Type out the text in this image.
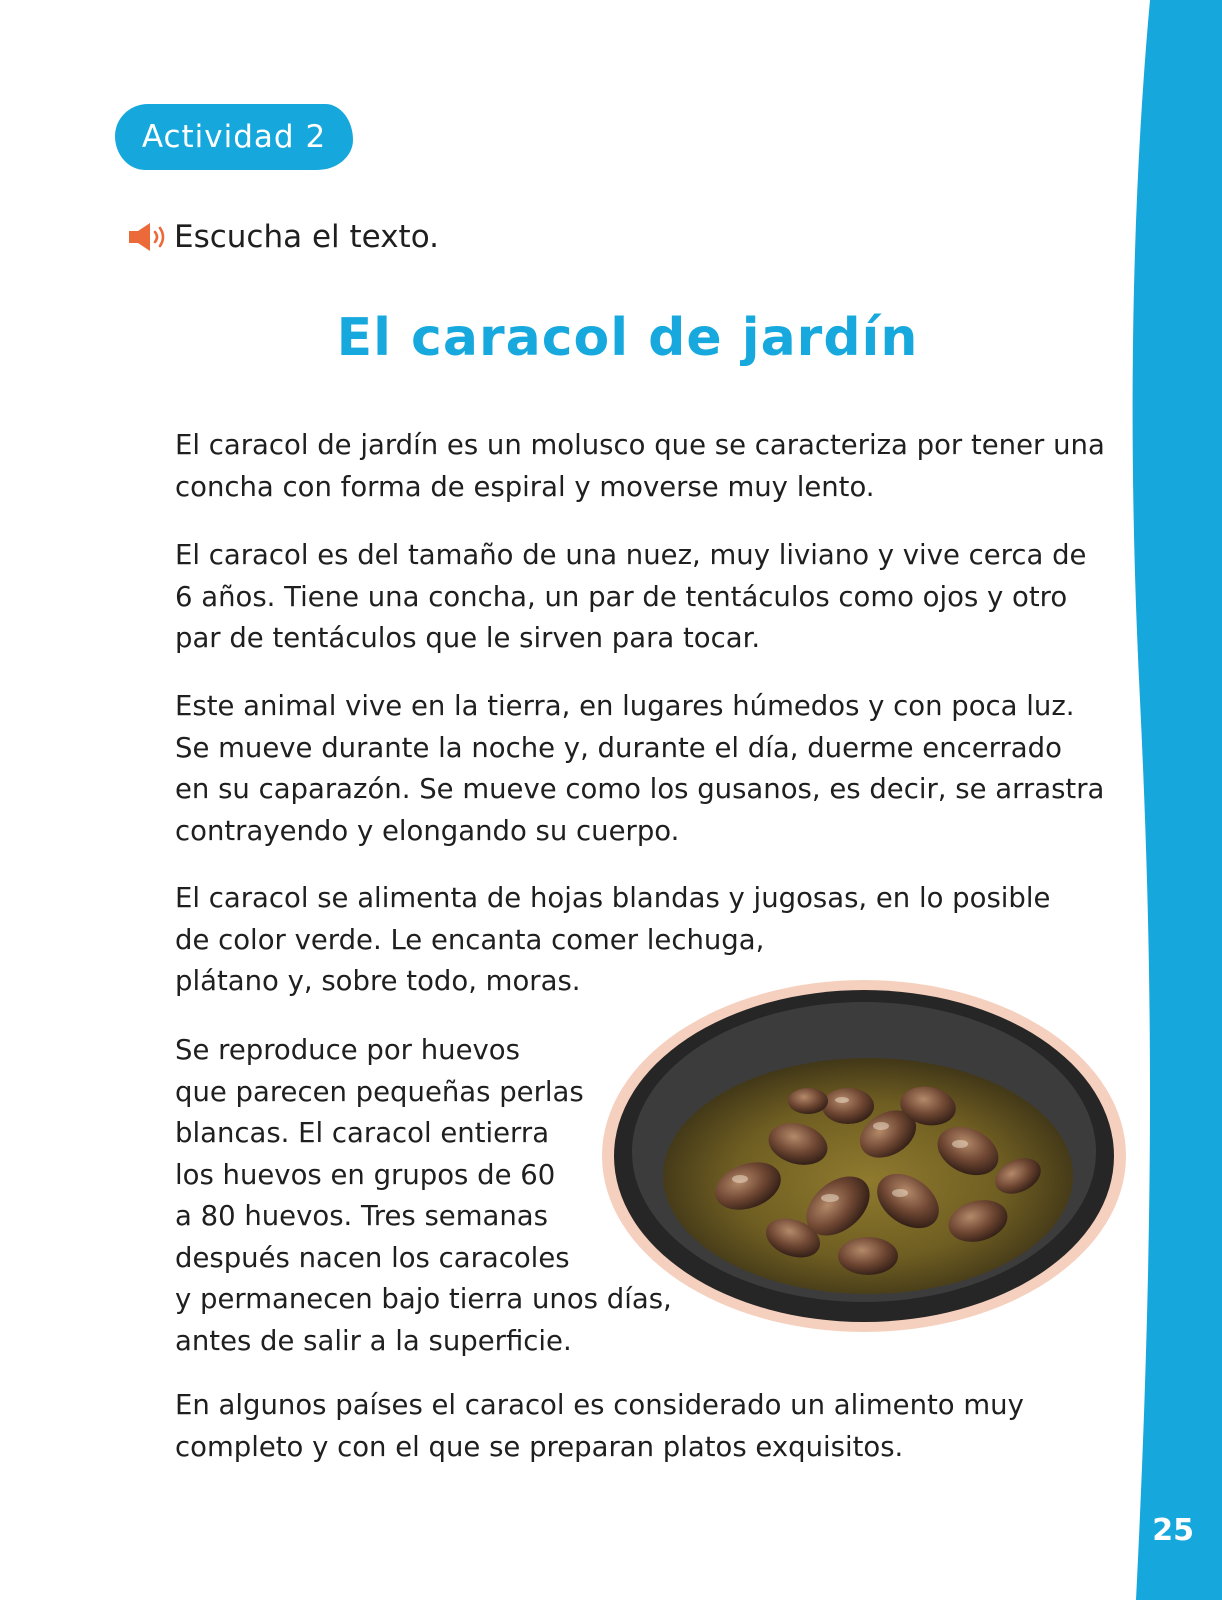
Actividad 2
Escucha el texto.
El caracol de jardín

El caracol de jardín es un molusco que se caracteriza por tener una
concha con forma de espiral y moverse muy lento.

El caracol es del tamaño de una nuez, muy liviano y vive cerca de
6 años. Tiene una concha, un par de tentáculos como ojos y otro
par de tentáculos que le sirven para tocar.

Este animal vive en la tierra, en lugares húmedos y con poca luz.
Se mueve durante la noche y, durante el día, duerme encerrado
en su caparazón. Se mueve como los gusanos, es decir, se arrastra
contrayendo y elongando su cuerpo.

El caracol se alimenta de hojas blandas y jugosas, en lo posible
de color verde. Le encanta comer lechuga,
plátano y, sobre todo, moras.

Se reproduce por huevos
que parecen pequeñas perlas
blancas. El caracol entierra
los huevos en grupos de 60
a 80 huevos. Tres semanas
después nacen los caracoles
y permanecen bajo tierra unos días,
antes de salir a la superficie.

En algunos países el caracol es considerado un alimento muy
completo y con el que se preparan platos exquisitos.

25
